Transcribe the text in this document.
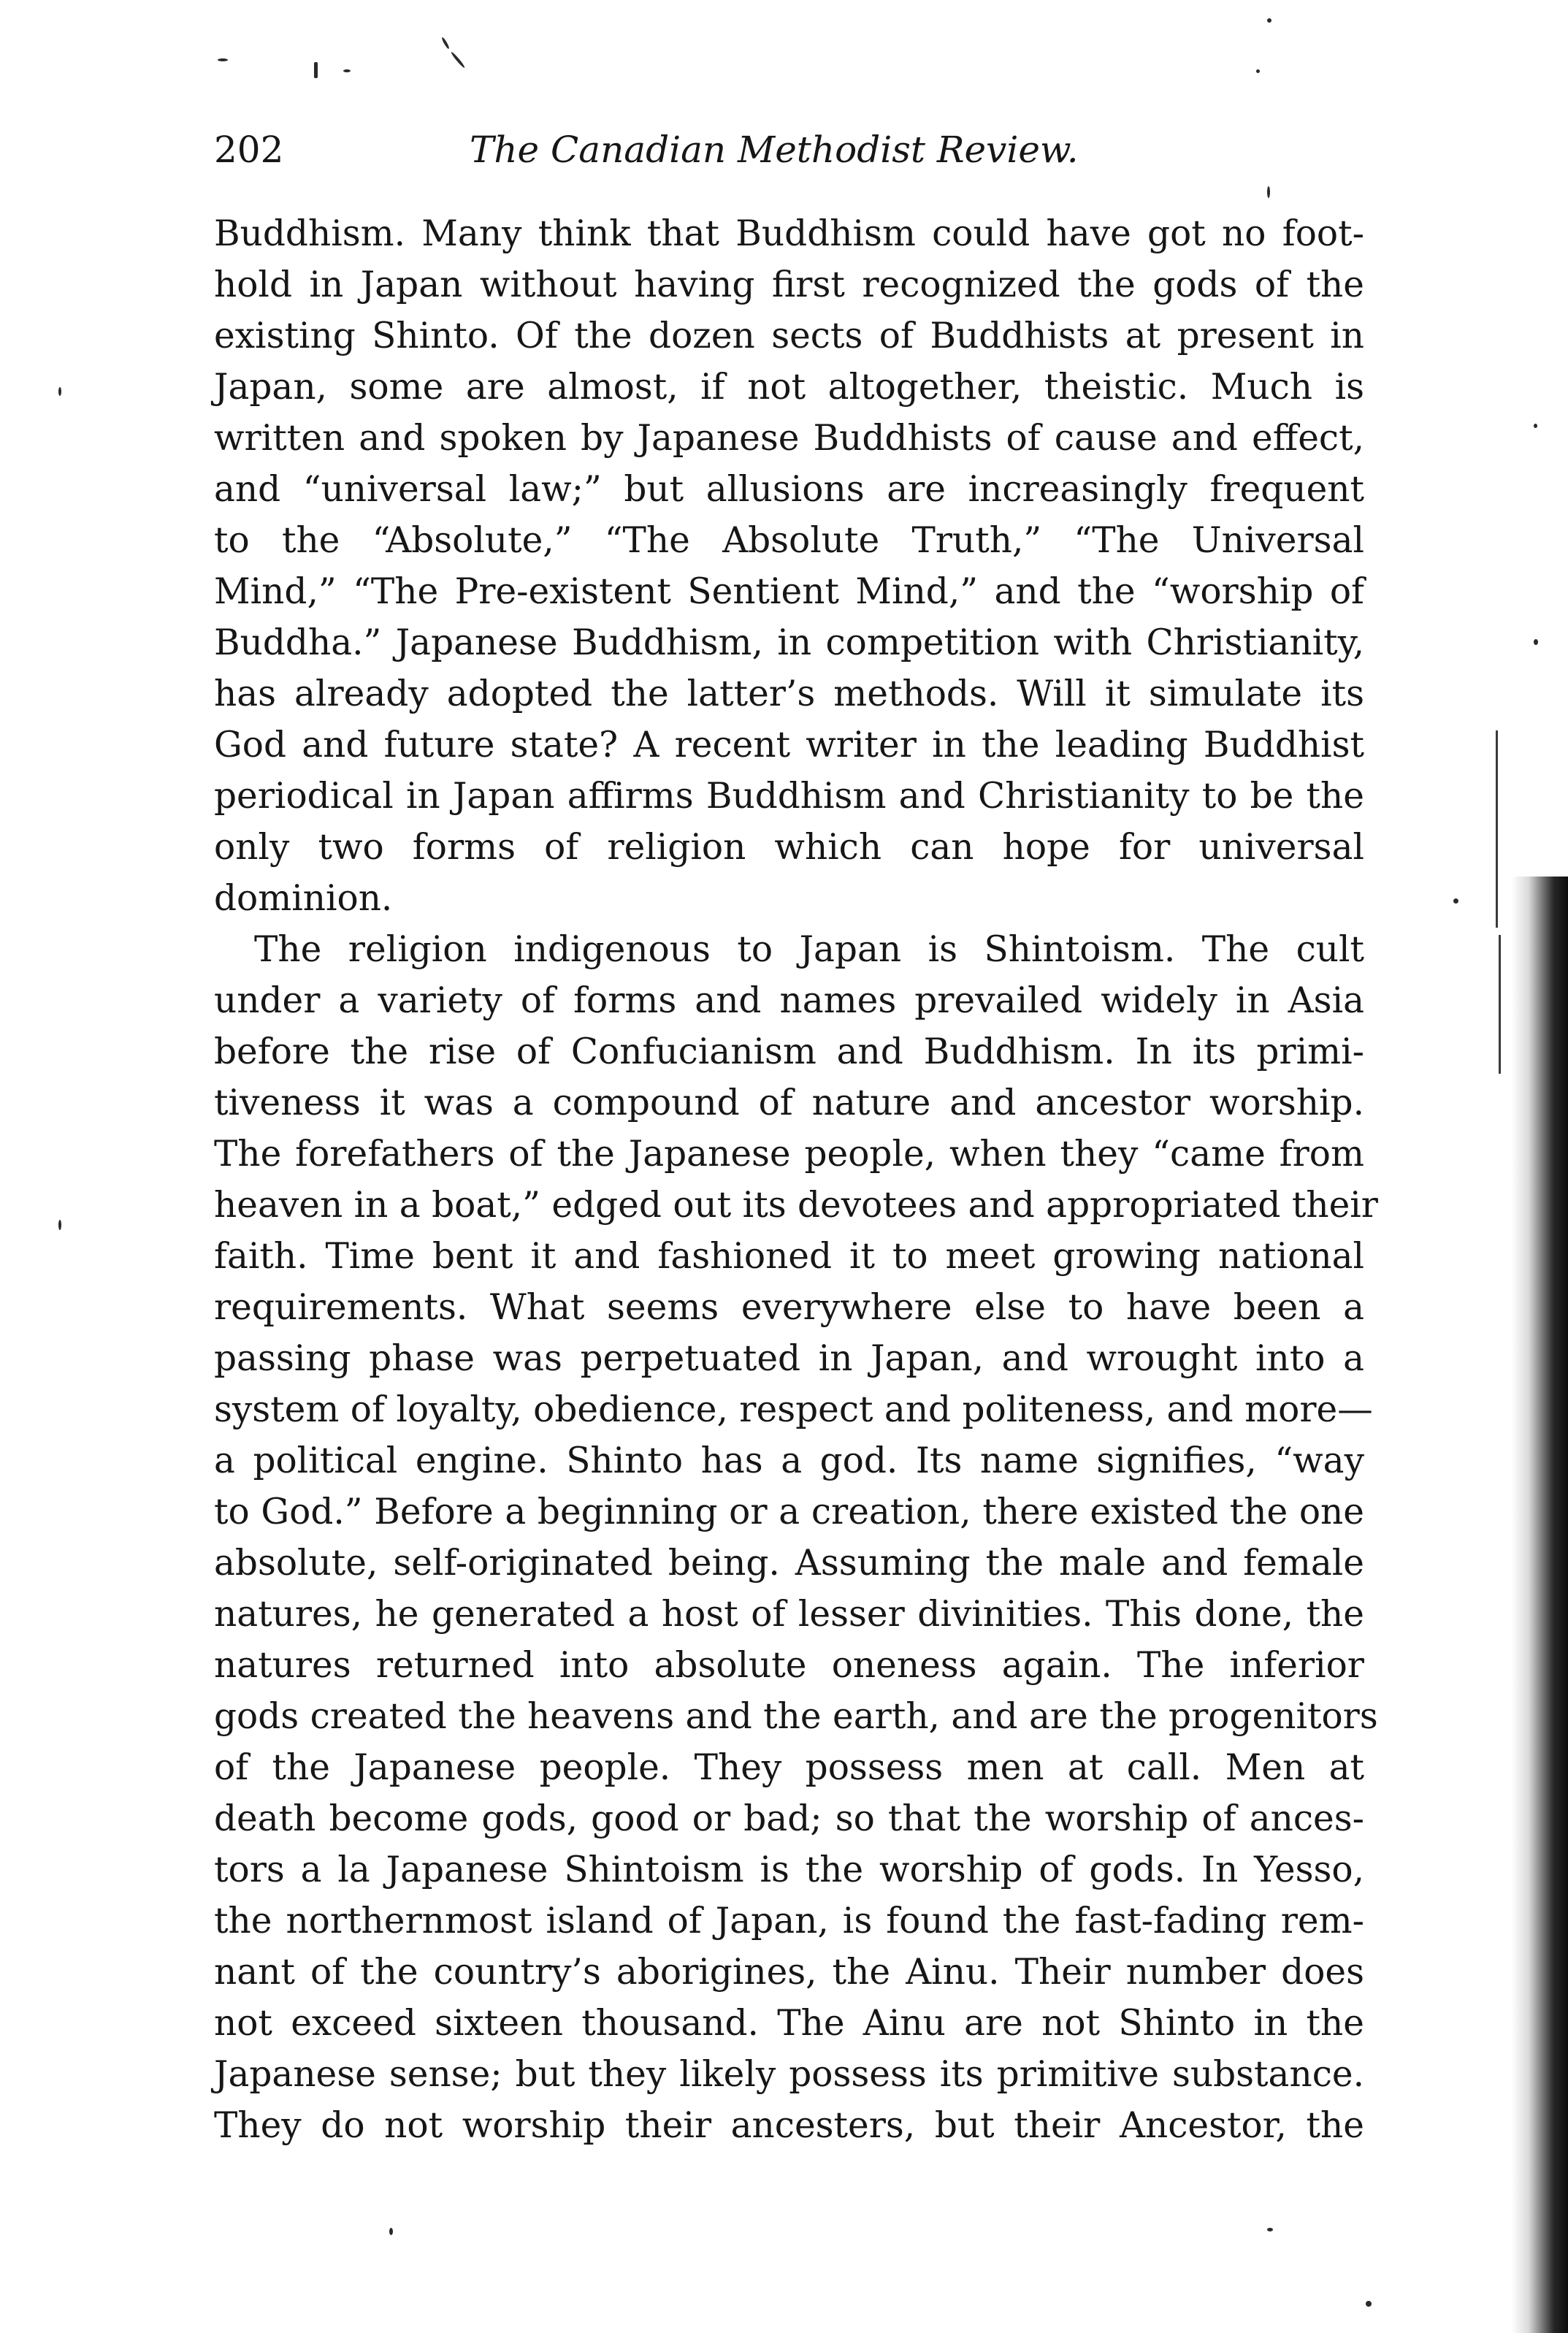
202	The Canadian Methodist Review.
Buddhism. Many think that Buddhism could have got no foot-
hold in Japan without having first recognized the gods of the
existing Shinto. Of the dozen sects of Buddhists at present in
Japan, some are almost, if not altogether, theistic. Much is
written and spoken by Japanese Buddhists of cause and effect,
and “universal law;” but allusions are increasingly frequent
to the “Absolute,” “The Absolute Truth,” “The Universal
Mind,” “The Pre-existent Sentient Mind,” and the “worship of
Buddha.” Japanese Buddhism, in competition with Christianity,
has already adopted the latter’s methods. Will it simulate its
God and future state? A recent writer in the leading Buddhist
periodical in Japan affirms Buddhism and Christianity to be the
only two forms of religion which can hope for universal
dominion.
The religion indigenous to Japan is Shintoism. The cult
under a variety of forms and names prevailed widely in Asia
before the rise of Confucianism and Buddhism. In its primi-
tiveness it was a compound of nature and ancestor worship.
The forefathers of the Japanese people, when they “came from
heaven in a boat,” edged out its devotees and appropriated their
faith. Time bent it and fashioned it to meet growing national
requirements. What seems everywhere else to have been a
passing phase was perpetuated in Japan, and wrought into a
system of loyalty, obedience, respect and politeness, and more—
a political engine. Shinto has a god. Its name signifies, “way
to God.” Before a beginning or a creation, there existed the one
absolute, self-originated being. Assuming the male and female
natures, he generated a host of lesser divinities. This done, the
natures returned into absolute oneness again. The inferior
gods created the heavens and the earth, and are the progenitors
of the Japanese people. They possess men at call. Men at
death become gods, good or bad; so that the worship of ances-
tors a la Japanese Shintoism is the worship of gods. In Yesso,
the northernmost island of Japan, is found the fast-fading rem-
nant of the country’s aborigines, the Ainu. Their number does
not exceed sixteen thousand. The Ainu are not Shinto in the
Japanese sense; but they likely possess its primitive substance.
They do not worship their ancesters, but their Ancestor, the
